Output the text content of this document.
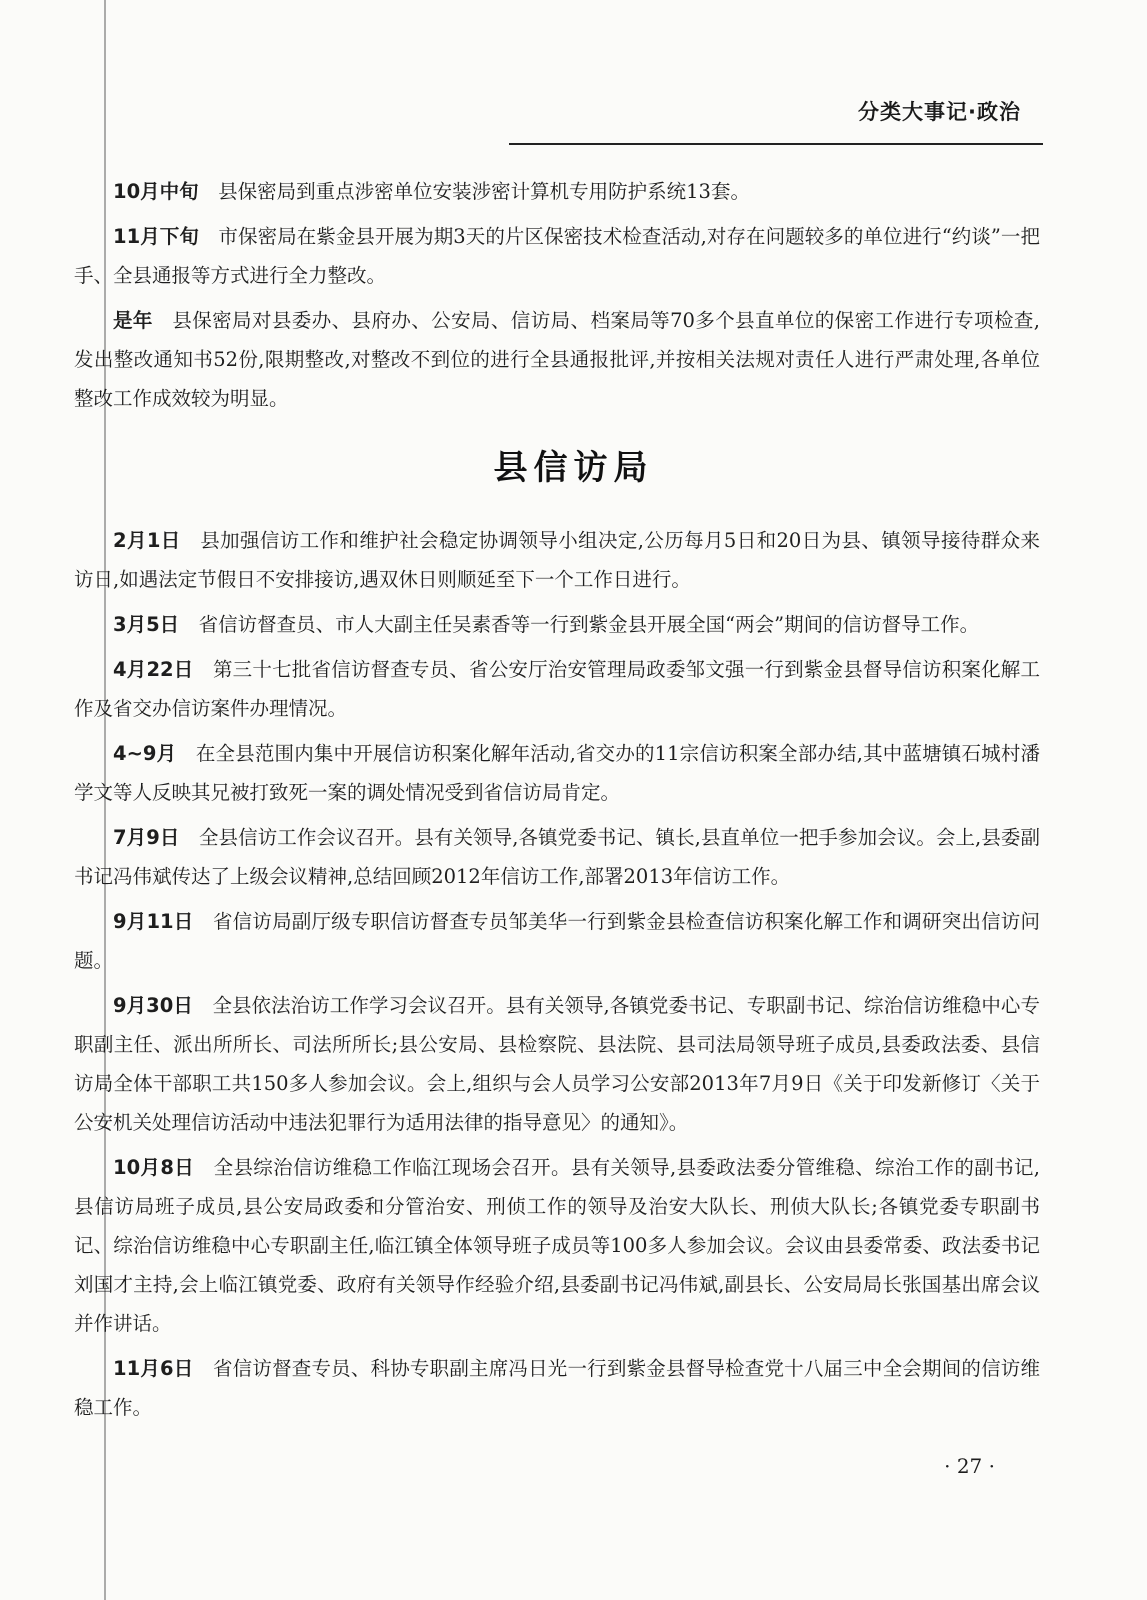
分类大事记·政治

10月中旬 县保密局到重点涉密单位安装涉密计算机专用防护系统13套。

11月下旬 市保密局在紫金县开展为期3天的片区保密技术检查活动,对存在问题较多的单位进行“约谈”一把手、全县通报等方式进行全力整改。

是年 县保密局对县委办、县府办、公安局、信访局、档案局等70多个县直单位的保密工作进行专项检查,发出整改通知书52份,限期整改,对整改不到位的进行全县通报批评,并按相关法规对责任人进行严肃处理,各单位整改工作成效较为明显。

县信访局

2月1日 县加强信访工作和维护社会稳定协调领导小组决定,公历每月5日和20日为县、镇领导接待群众来访日,如遇法定节假日不安排接访,遇双休日则顺延至下一个工作日进行。

3月5日 省信访督查员、市人大副主任吴素香等一行到紫金县开展全国“两会”期间的信访督导工作。

4月22日 第三十七批省信访督查专员、省公安厅治安管理局政委邹文强一行到紫金县督导信访积案化解工作及省交办信访案件办理情况。

4~9月 在全县范围内集中开展信访积案化解年活动,省交办的11宗信访积案全部办结,其中蓝塘镇石城村潘学文等人反映其兄被打致死一案的调处情况受到省信访局肯定。

7月9日 全县信访工作会议召开。县有关领导,各镇党委书记、镇长,县直单位一把手参加会议。会上,县委副书记冯伟斌传达了上级会议精神,总结回顾2012年信访工作,部署2013年信访工作。

9月11日 省信访局副厅级专职信访督查专员邹美华一行到紫金县检查信访积案化解工作和调研突出信访问题。

9月30日 全县依法治访工作学习会议召开。县有关领导,各镇党委书记、专职副书记、综治信访维稳中心专职副主任、派出所所长、司法所所长;县公安局、县检察院、县法院、县司法局领导班子成员,县委政法委、县信访局全体干部职工共150多人参加会议。会上,组织与会人员学习公安部2013年7月9日《关于印发新修订〈关于公安机关处理信访活动中违法犯罪行为适用法律的指导意见〉的通知》。

10月8日 全县综治信访维稳工作临江现场会召开。县有关领导,县委政法委分管维稳、综治工作的副书记,县信访局班子成员,县公安局政委和分管治安、刑侦工作的领导及治安大队长、刑侦大队长;各镇党委专职副书记、综治信访维稳中心专职副主任,临江镇全体领导班子成员等100多人参加会议。会议由县委常委、政法委书记刘国才主持,会上临江镇党委、政府有关领导作经验介绍,县委副书记冯伟斌,副县长、公安局局长张国基出席会议并作讲话。

11月6日 省信访督查专员、科协专职副主席冯日光一行到紫金县督导检查党十八届三中全会期间的信访维稳工作。

· 27 ·
